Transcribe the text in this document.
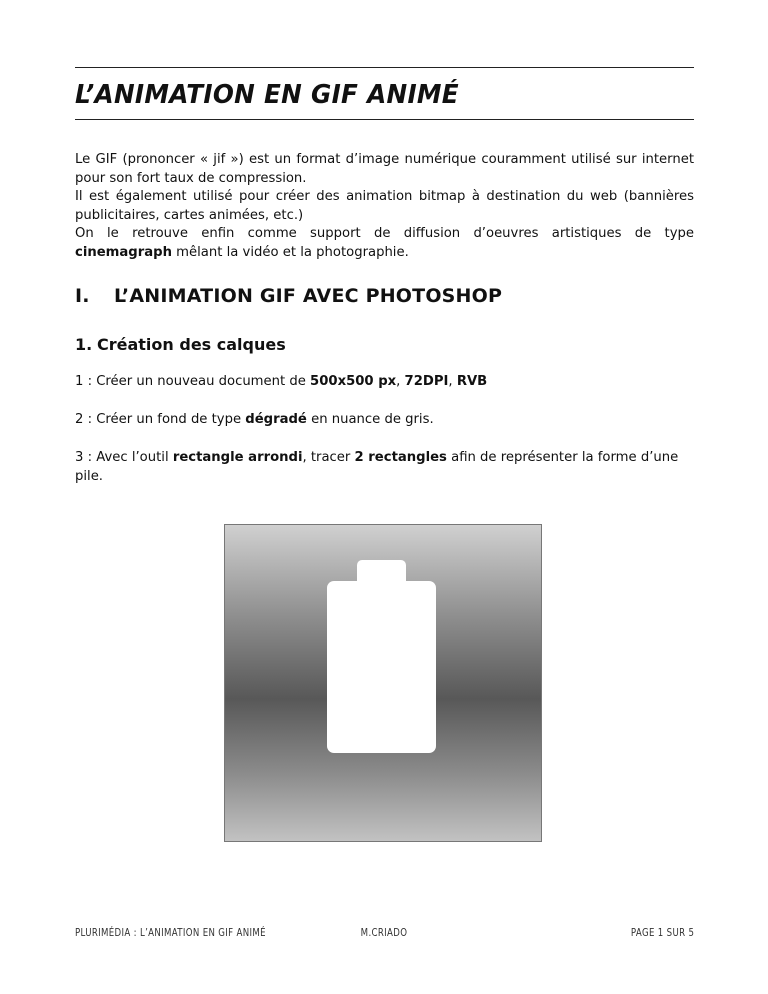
L’ANIMATION EN GIF ANIMÉ

Le GIF (prononcer « jif ») est un format d’image numérique couramment utilisé sur internet pour son fort taux de compression.

Il est également utilisé pour créer des animation bitmap à destination du web (bannières publicitaires, cartes animées, etc.)

On le retrouve enfin comme support de diffusion d’oeuvres artistiques de type

cinemagraph mêlant la vidéo et la photographie.

I. L’ANIMATION GIF AVEC PHOTOSHOP
1. Création des calques
1 : Créer un nouveau document de 500x500 px, 72DPI, RVB
2 : Créer un fond de type dégradé en nuance de gris.
3 : Avec l’outil rectangle arrondi, tracer 2 rectangles afin de représenter la forme d’une pile.
PLURIMÉDIA : L’ANIMATION EN GIF ANIMÉ	M.CRIADO	PAGE 1 SUR 5
